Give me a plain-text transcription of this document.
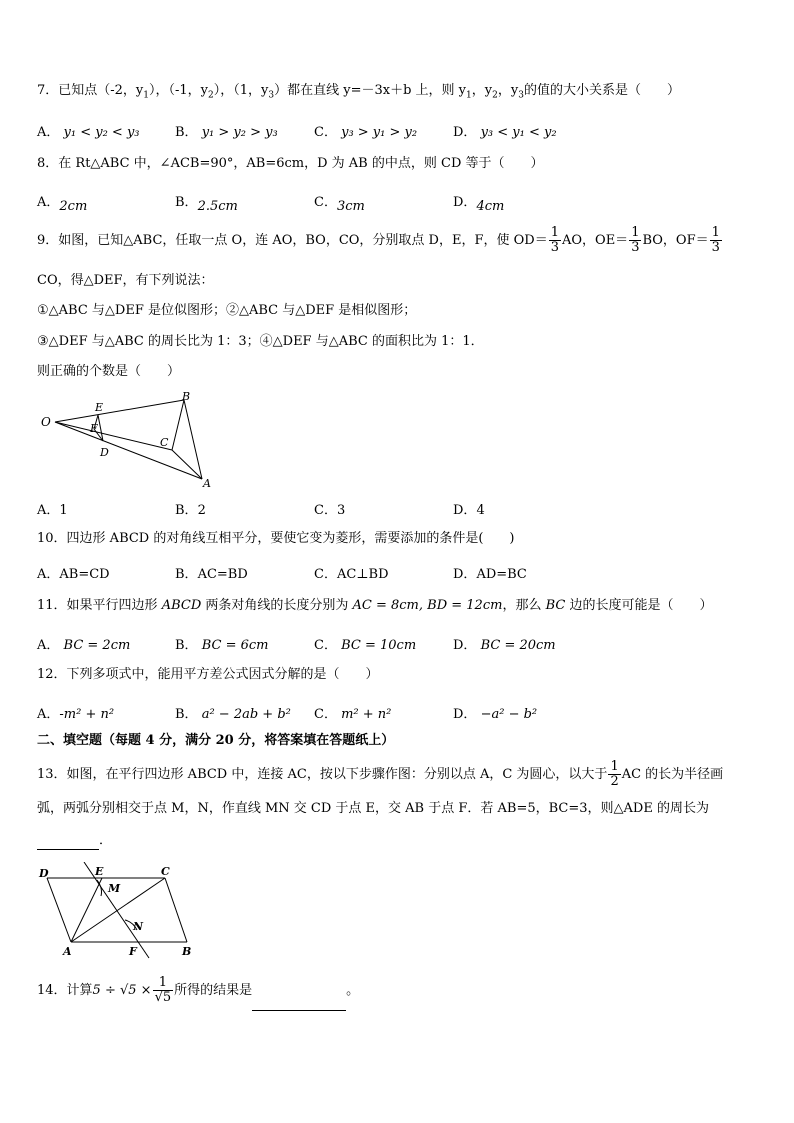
7．已知点（-2，$y_1$），（-1，$y_2$），（1，$y_3$）都在直线 y=－3x＋b 上，则 $y_1$，$y_2$，$y_3$的值的大小关系是（　　）
A． y₁ < y₂ < y₃	B． y₁ > y₂ > y₃	C． y₃ > y₁ > y₂	D． y₃ < y₁ < y₂
8．在 Rt△ABC 中，∠ACB=90°，AB=6cm，D 为 AB 的中点，则 CD 等于（　　）
A．2cm	B．2.5cm	C．3cm	D．4cm
9．如图，已知△ABC，任取一点 O，连 AO，BO，CO，分别取点 D，E，F，使 $OD= \frac{1}{3}$ AO，$OE= \frac{1}{3}$ BO，$OF= \frac{1}{3}$
CO，得△DEF，有下列说法：
①△ABC 与△DEF 是位似图形；②△ABC 与△DEF 是相似图形；
③△DEF 与△ABC 的周长比为 1：3；④△DEF 与△ABC 的面积比为 1：1．
则正确的个数是（　　）
O
E
F
D
B
C
A
A．1	B．2	C．3	D．4
10．四边形 ABCD 的对角线互相平分，要使它变为菱形，需要添加的条件是(　　)
A．AB=CD	B．AC=BD	C．AC⊥BD	D．AD=BC
11．如果平行四边形 ABCD 两条对角线的长度分别为 AC = 8cm, BD = 12cm，那么 BC 边的长度可能是（　　）
A． BC = 2cm	B． BC = 6cm	C． BC = 10cm	D． BC = 20cm
12．下列多项式中，能用平方差公式因式分解的是（　　）
A．-m² + n²	B． a² − 2ab + b² C． m² + n²	D． −a² − b²
二、填空题（每题 4 分，满分 20 分，将答案填在答题纸上）
13．如图，在平行四边形 ABCD 中，连接 AC，按以下步骤作图：分别以点 A，C 为圆心，以大于 $\frac{1}{2}$ AC 的长为半径画
弧，两弧分别相交于点 M，N，作直线 MN 交 CD 于点 E，交 AB 于点 F．若 AB=5，BC=3，则△ADE 的周长为
．
D	E	C
M
N
A	F	B
14．计算$5 \div √5 \times \frac{1}{√5}$ 所得的结果是	。
